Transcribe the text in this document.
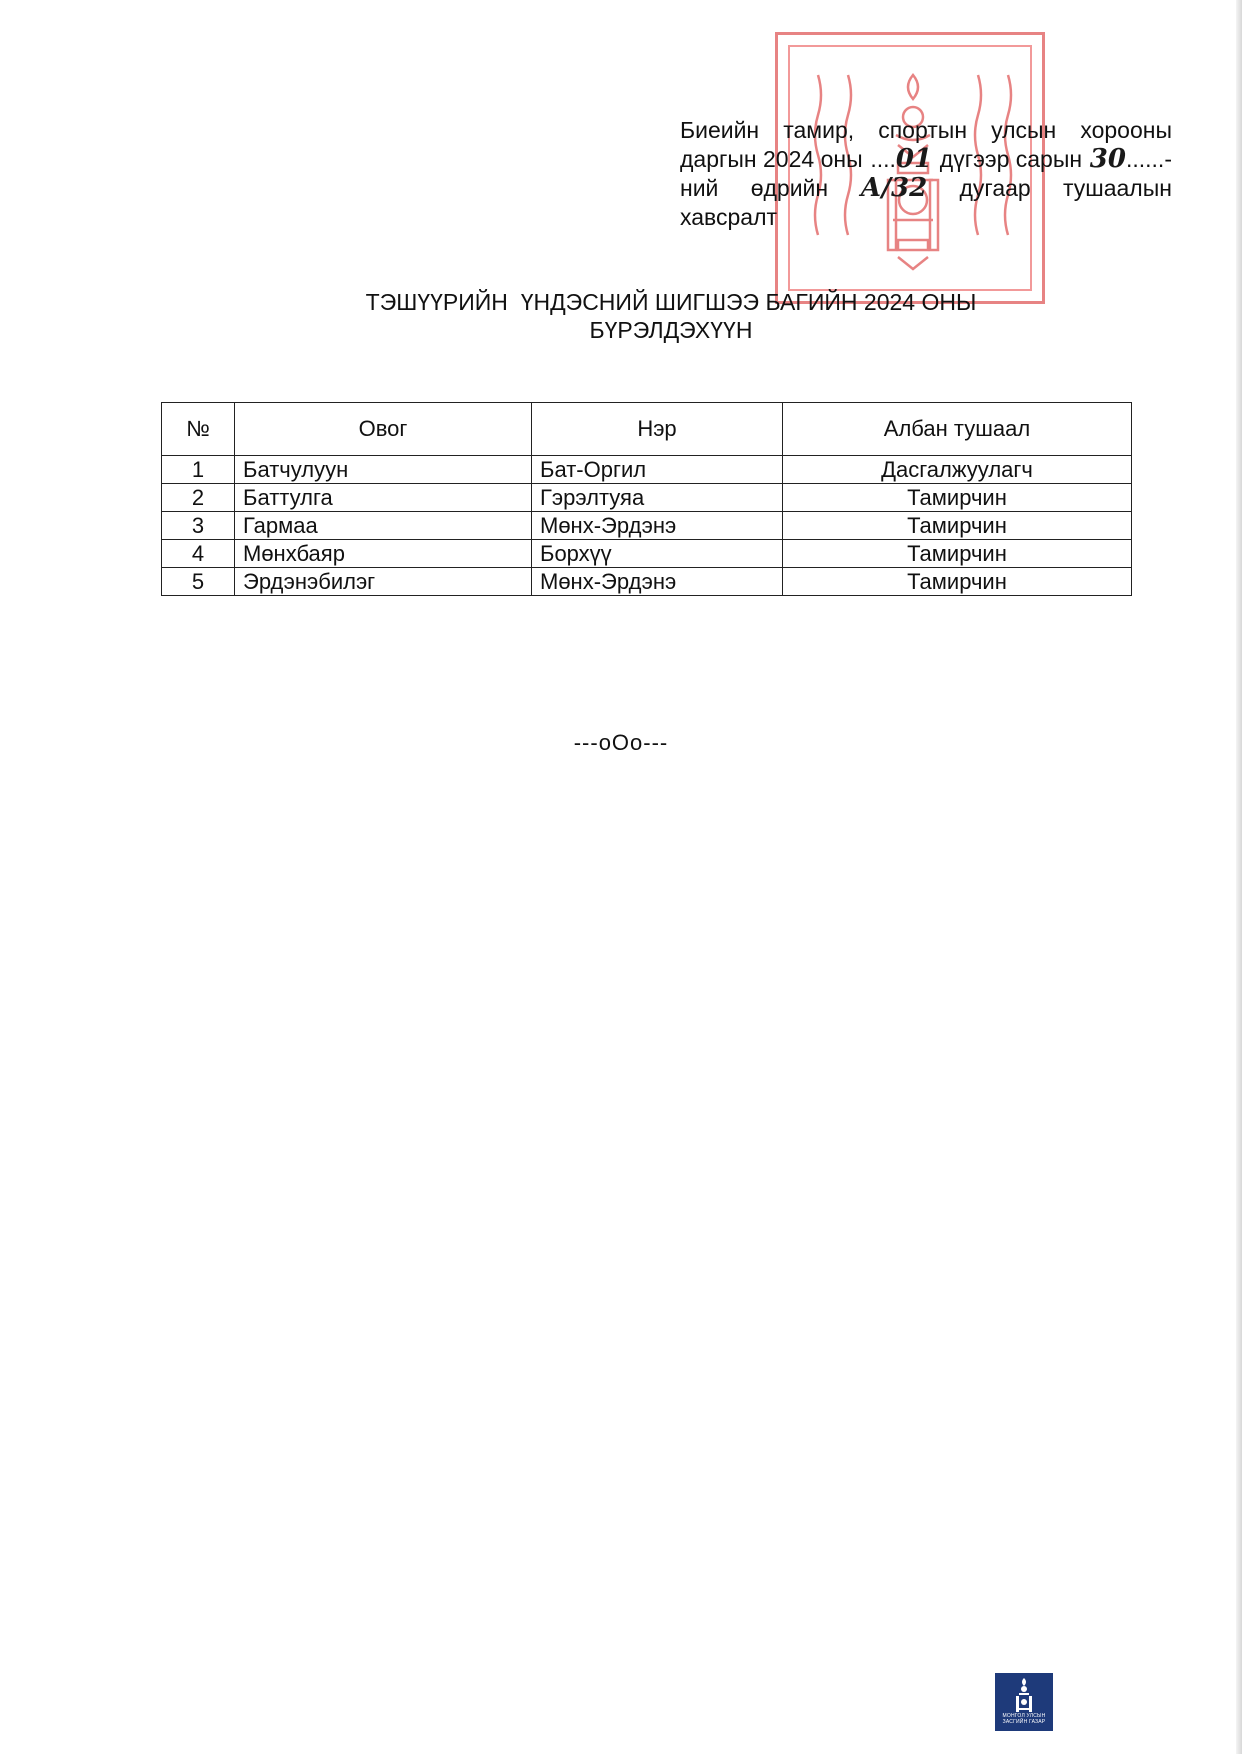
Биеийн тамир, спортын улсын хорооны
даргын 2024 оны ....01 дүгээр сарын 30......-
ний өдрийн А/32 дугаар тушаалын
хавсралт
ТЭШҮҮРИЙН  ҮНДЭСНИЙ ШИГШЭЭ БАГИЙН 2024 ОНЫ
БҮРЭЛДЭХҮҮН
№	Овог	Нэр	Албан тушаал
1	Батчулуун	Бат-Оргил	Дасгалжуулагч
2	Баттулга	Гэрэлтуяа	Тамирчин
3	Гармаа	Мөнх-Эрдэнэ	Тамирчин
4	Мөнхбаяр	Борхүү	Тамирчин
5	Эрдэнэбилэг	Мөнх-Эрдэнэ	Тамирчин
---oOo---
МОНГОЛ УЛСЫН ЗАСГИЙН ГАЗАР
